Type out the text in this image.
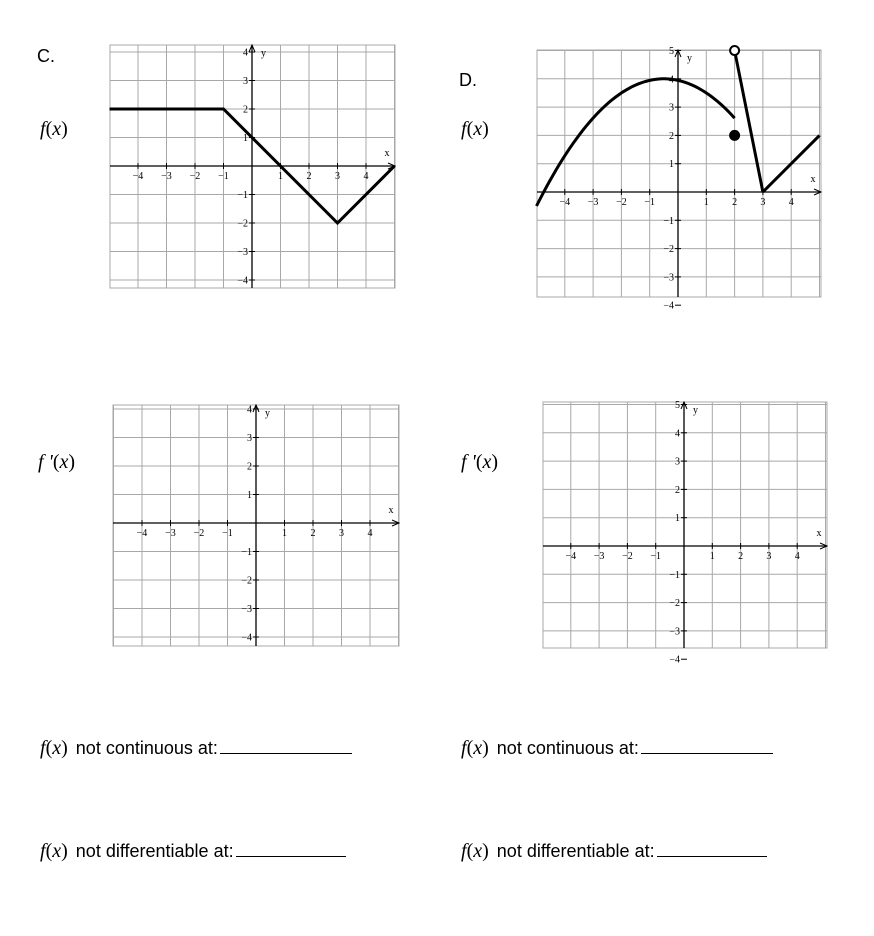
C.
f(x)
f '(x)
D.
f(x)
f '(x)
x
y
−4 −3 −2 −1	1 2 3 4
4
3
2
1
−1
−2
−3
−4
x
y
−4 −3 −2 −1	1 2 3 4
4
3
2
1
−1
−2
−3
−4
x
y
−4 −3 −2 −1	1 2 3 4
5
4
3
2
1
−1
−2
−3
−4
x
y
−4 −3 −2 −1	1 2 3 4
5
4
3
2
1
−1
−2
−3
−4
f(x) not continuous at:
f(x) not differentiable at:
f(x) not continuous at:
f(x) not differentiable at:
